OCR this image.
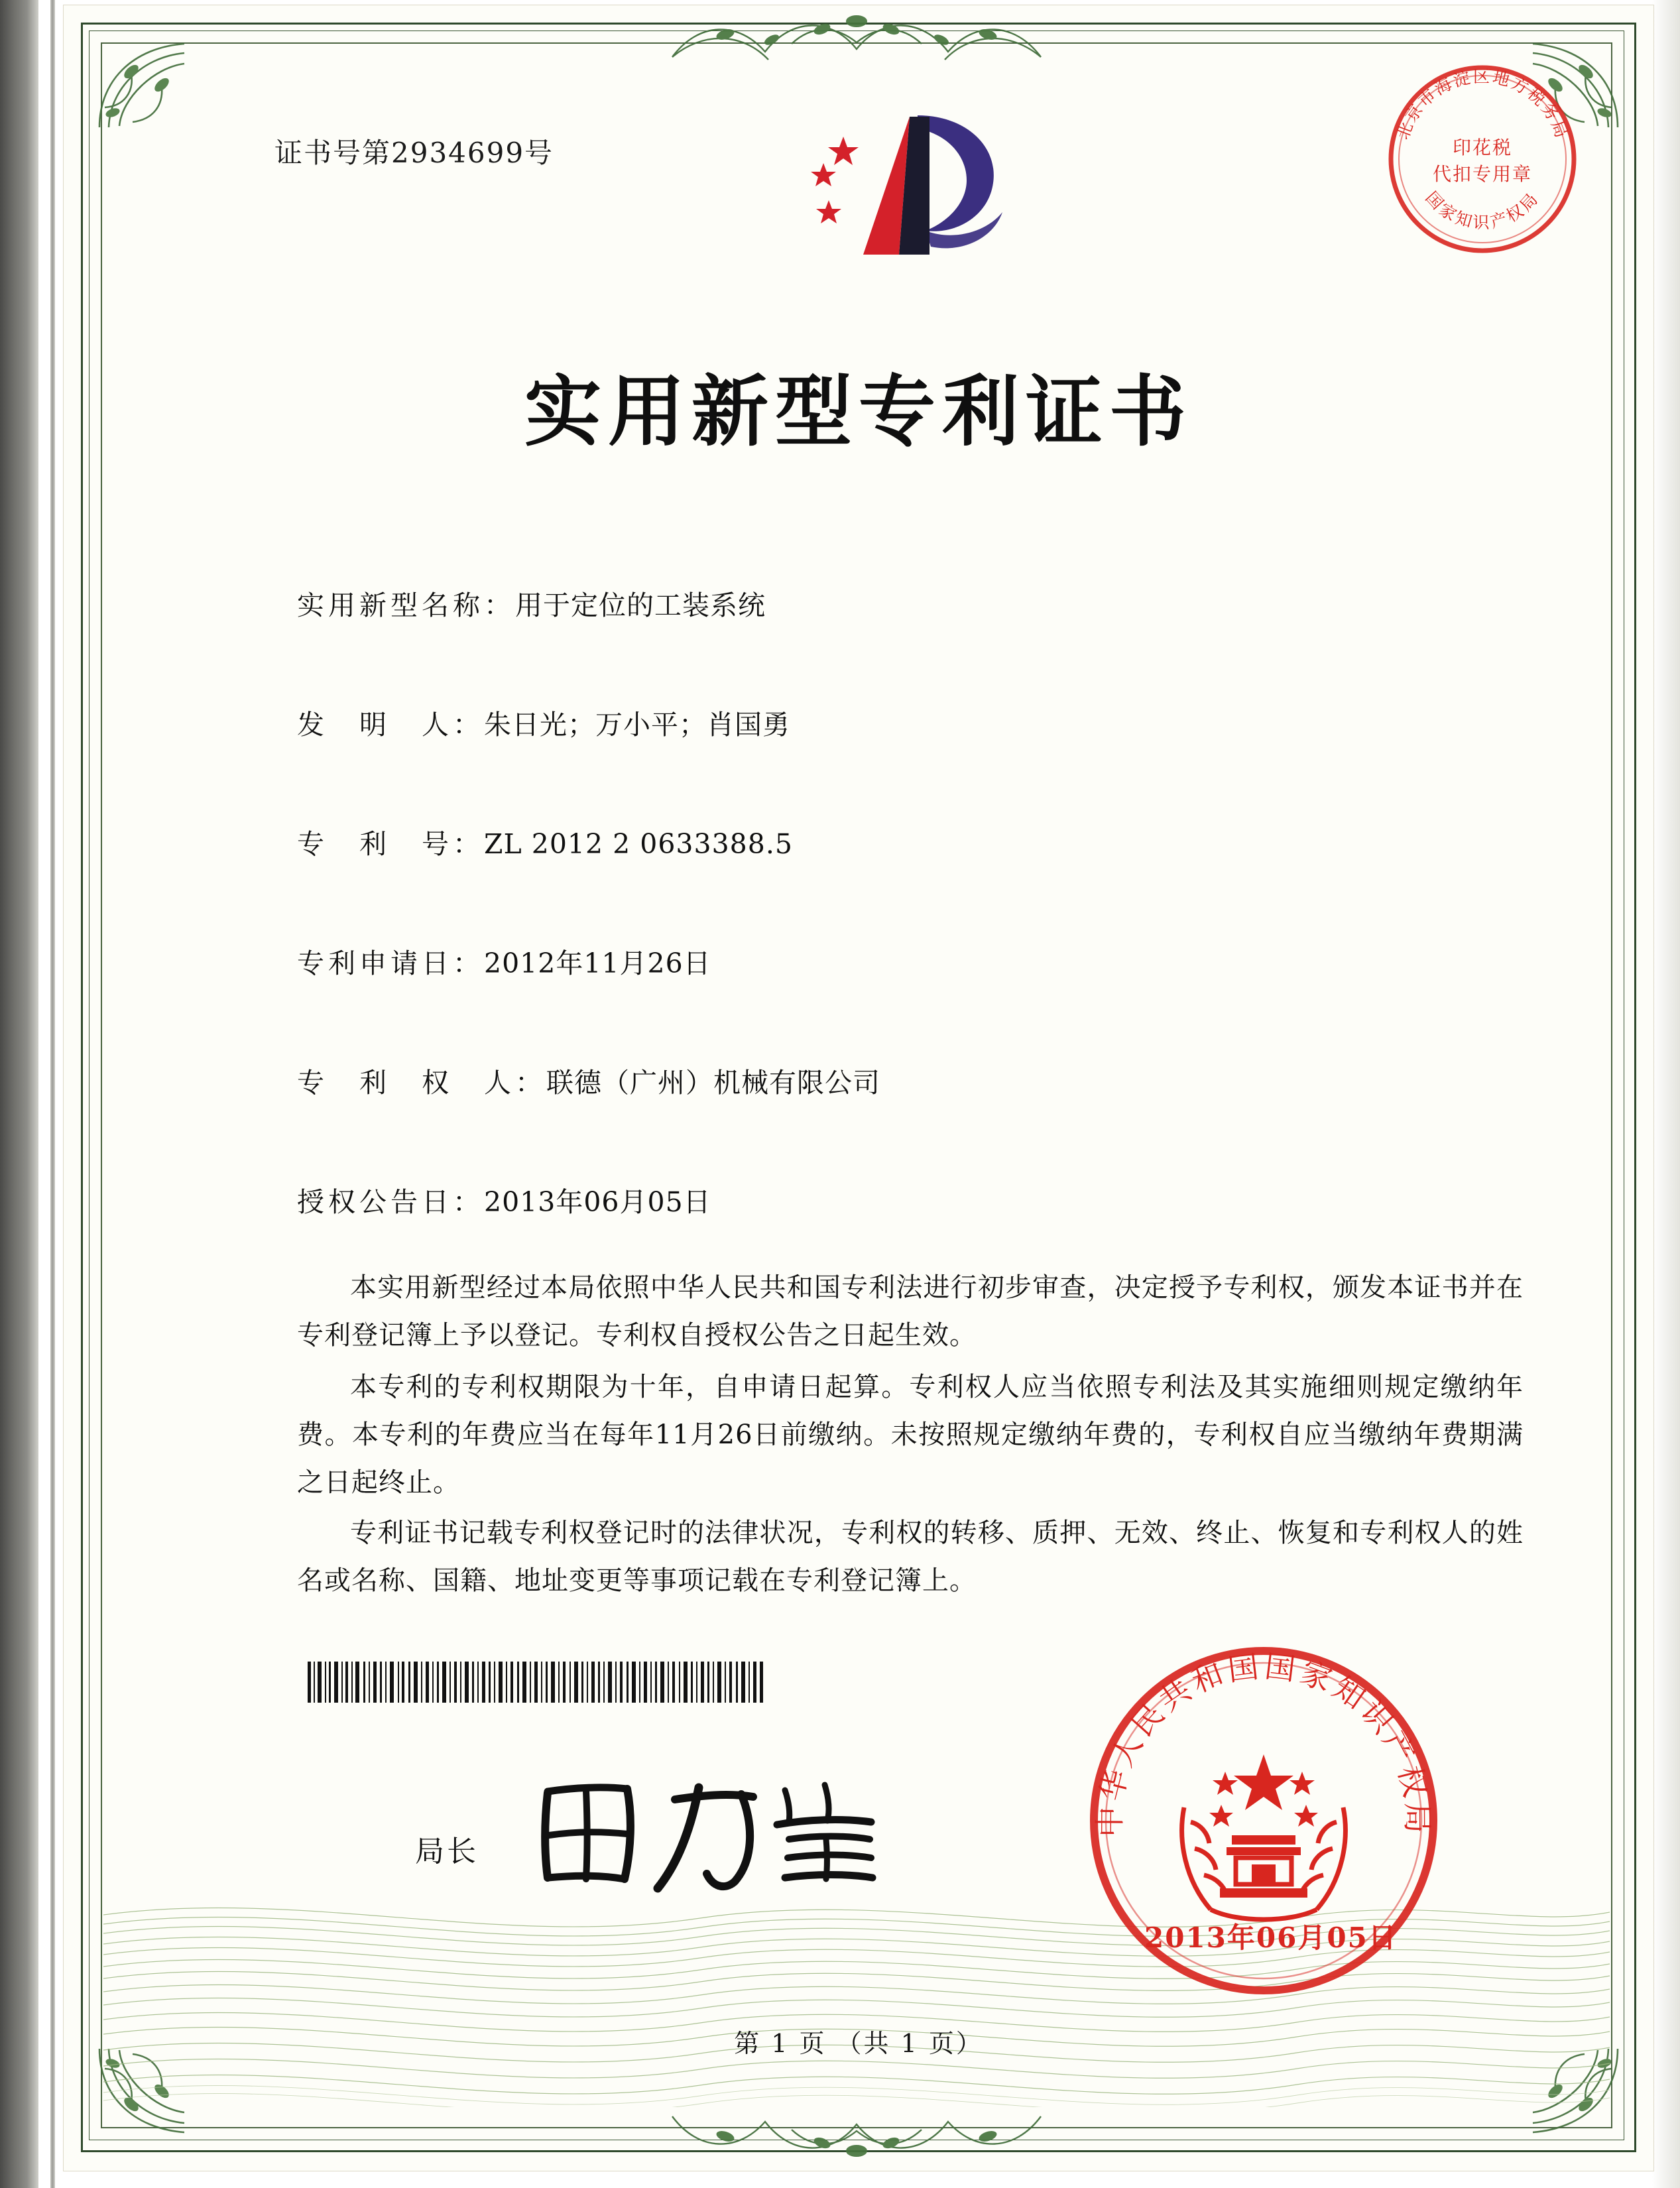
证书号第2934699号
北京市海淀区地方税务局
国家知识产权局
印花税
代扣专用章
实用新型专利证书
实用新型名称：用于定位的工装系统
发　明　人：朱日光；万小平；肖国勇
专　利　号：ZL 2012 2 0633388.5
专利申请日：2012年11月26日
专　利　权　人：联德（广州）机械有限公司
授权公告日：2013年06月05日
本实用新型经过本局依照中华人民共和国专利法进行初步审查，决定授予专利权，颁发本证书并在专利登记簿上予以登记。专利权自授权公告之日起生效。
本专利的专利权期限为十年，自申请日起算。专利权人应当依照专利法及其实施细则规定缴纳年费。本专利的年费应当在每年11月26日前缴纳。未按照规定缴纳年费的，专利权自应当缴纳年费期满之日起终止。
专利证书记载专利权登记时的法律状况，专利权的转移、质押、无效、终止、恢复和专利权人的姓名或名称、国籍、地址变更等事项记载在专利登记簿上。
局长
中华人民共和国国家知识产权局
2013年06月05日
第 1 页 （共 1 页）
